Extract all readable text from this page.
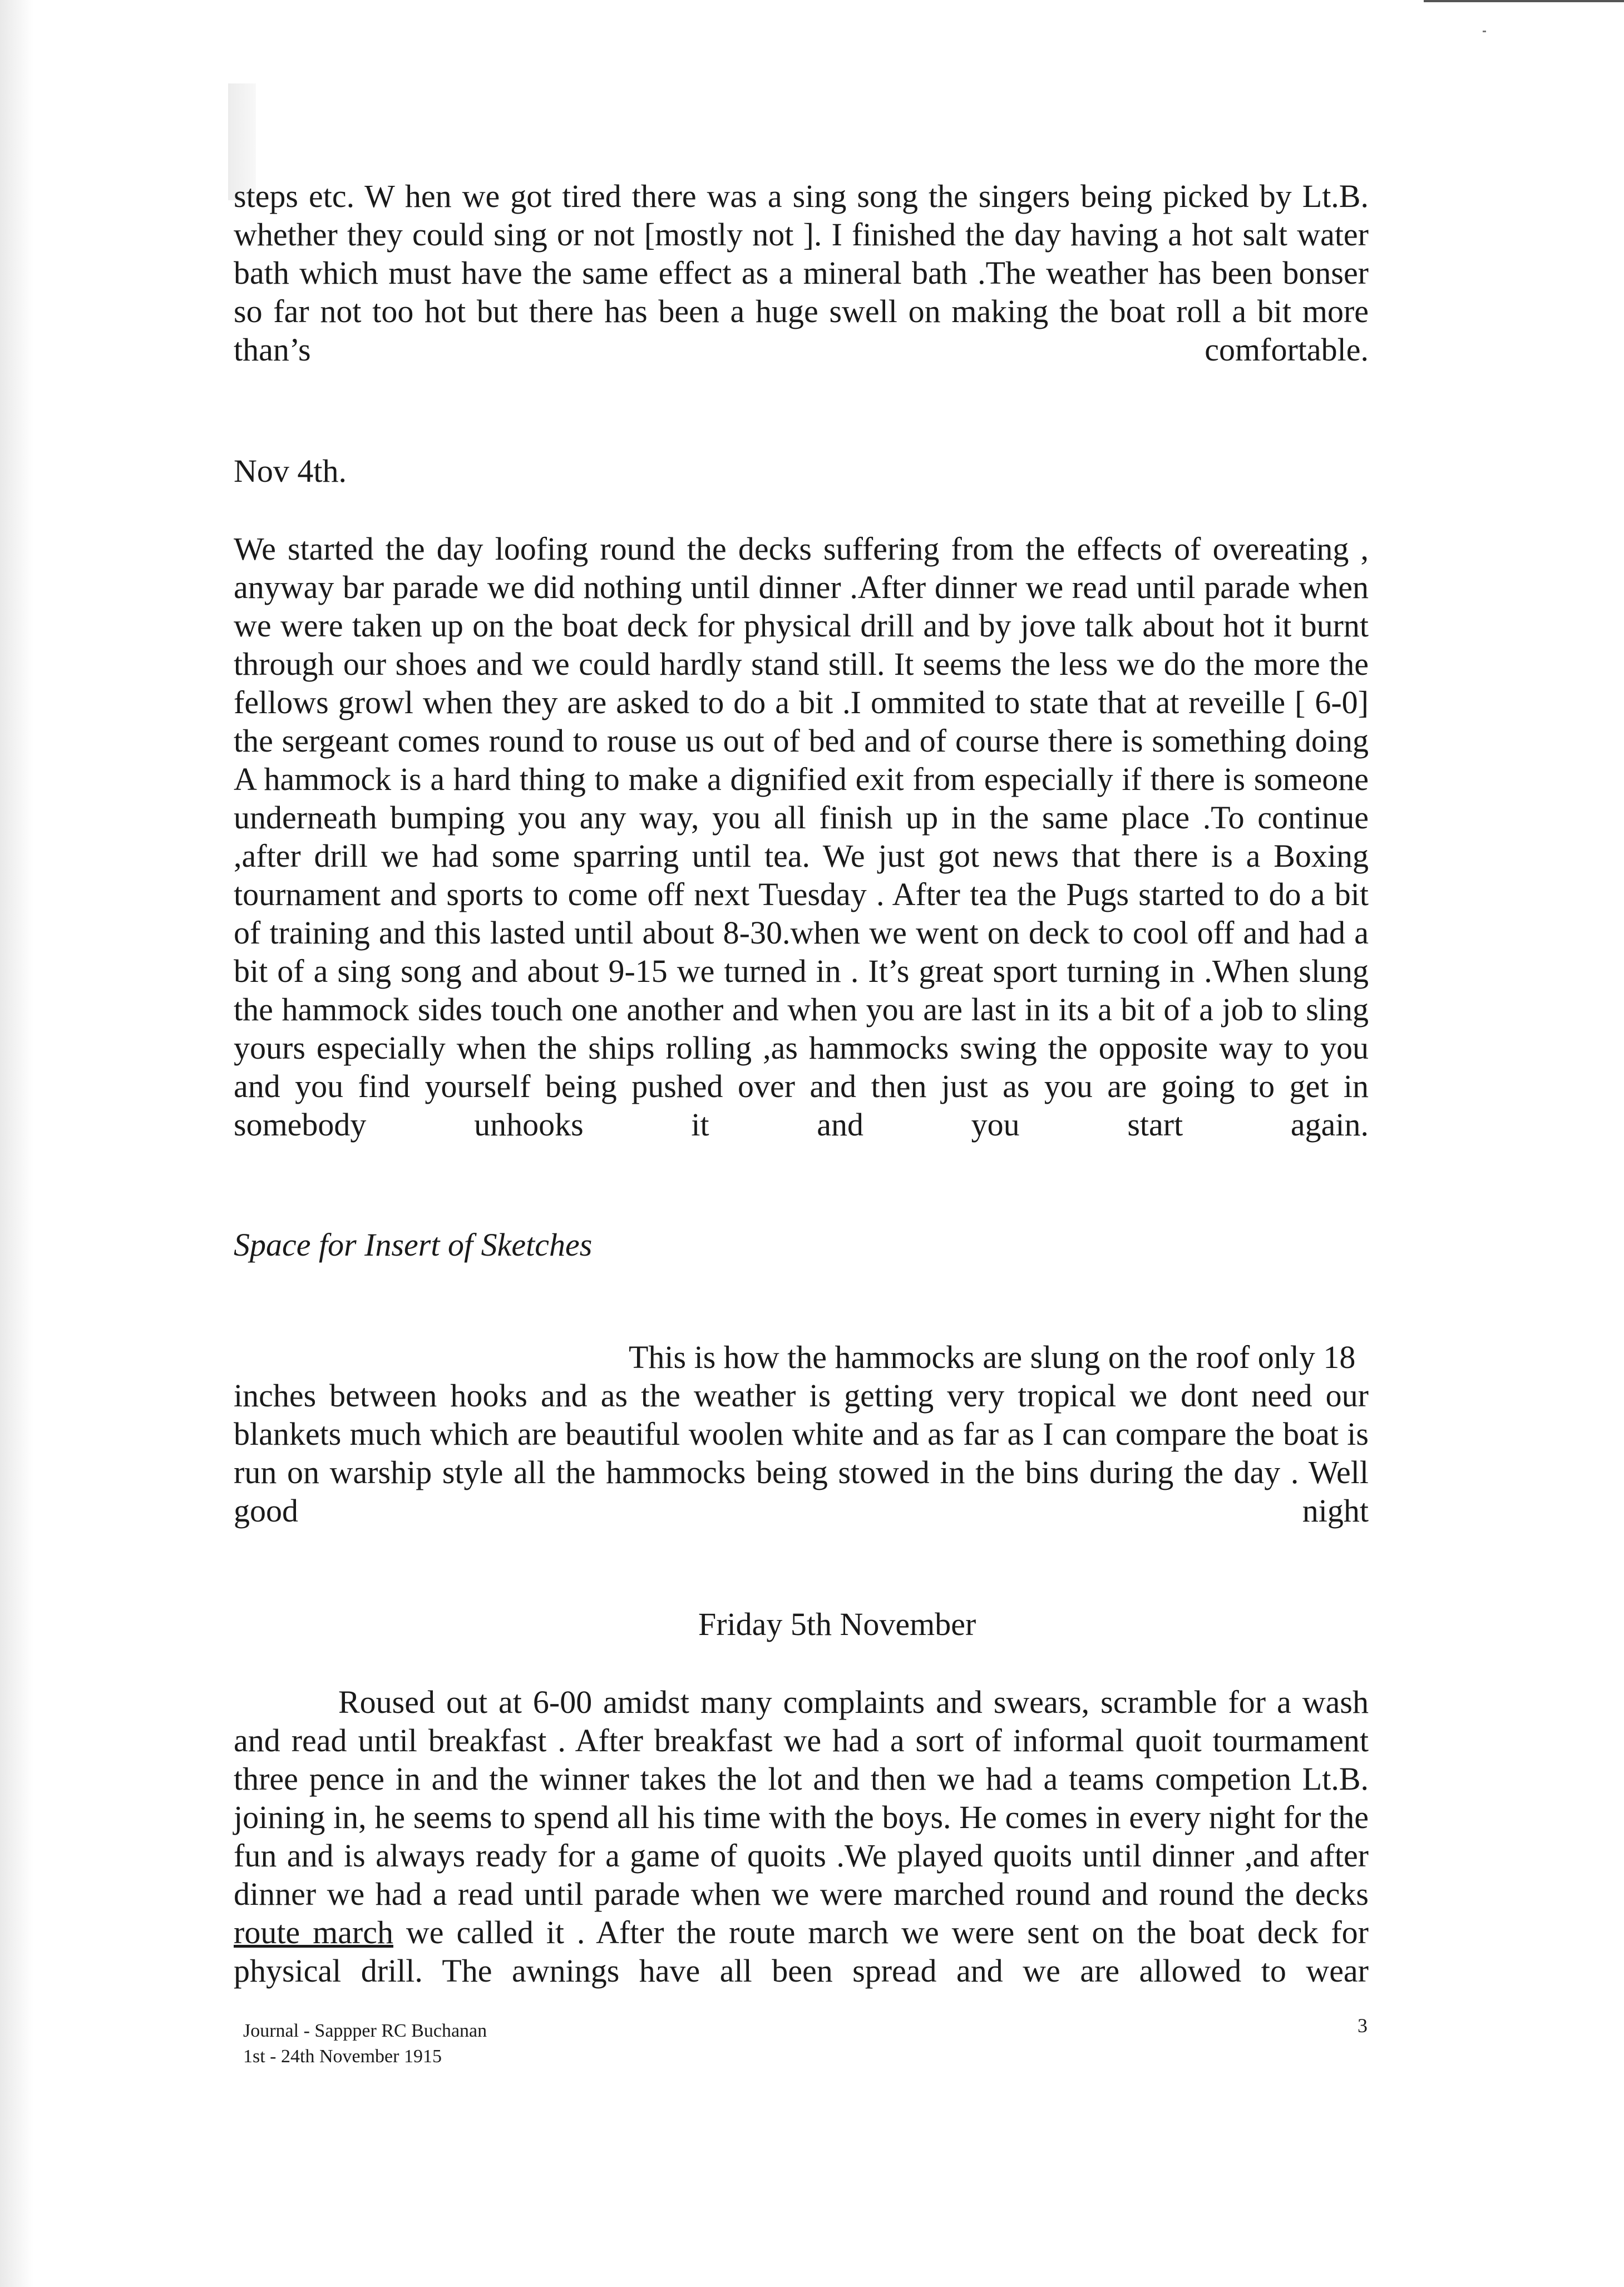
steps etc. W hen we got tired there was a sing song the singers being picked by Lt.B. whether they could sing or not [mostly not ]. I finished the day having a hot salt water bath which must have the same effect as a mineral bath .The weather has been bonser so far not too hot but there has been a huge swell on making the boat roll a bit more than’s comfortable.

Nov 4th.

We started the day loofing round the decks suffering from the effects of overeating , anyway bar parade we did nothing until dinner .After dinner we read until parade when we were taken up on the boat deck for physical drill and by jove talk about hot it burnt through our shoes and we could hardly stand still. It seems the less we do the more the fellows growl when they are asked to do a bit .I ommited to state that at reveille [ 6-0] the sergeant comes round to rouse us out of bed and of course there is something doing A hammock is a hard thing to make a dignified exit from especially if there is someone underneath bumping you any way, you all finish up in the same place .To continue ,after drill we had some sparring until tea. We just got news that there is a Boxing tournament and sports to come off next Tuesday . After tea the Pugs started to do a bit of training and this lasted until about 8-30.when we went on deck to cool off and had a bit of a sing song and about 9-15 we turned in . It’s great sport turning in .When slung the hammock sides touch one another and when you are last in its a bit of a job to sling yours especially when the ships rolling ,as hammocks swing the opposite way to you and you find yourself being pushed over and then just as you are going to get in somebody unhooks it and you start again.

Space for Insert of Sketches

This is how the hammocks are slung on the roof only 18

inches between hooks and as the weather is getting very tropical we dont need our blankets much which are beautiful woolen white and as far as I can compare the boat is run on warship style all the hammocks being stowed in the bins during the day . Well good night

Friday 5th November

Roused out at 6-00 amidst many complaints and swears, scramble for a wash and read until breakfast . After breakfast we had a sort of informal quoit tourmament three pence in and the winner takes the lot and then we had a teams competion Lt.B. joining in, he seems to spend all his time with the boys. He comes in every night for the fun and is always ready for a game of quoits .We played quoits until dinner ,and after dinner we had a read until parade when we were marched round and round the decks route march we called it . After the route march we were sent on the boat deck for physical drill. The awnings have all been spread and we are allowed to wear

Journal - Sappper RC Buchanan
1st - 24th November 1915
3
